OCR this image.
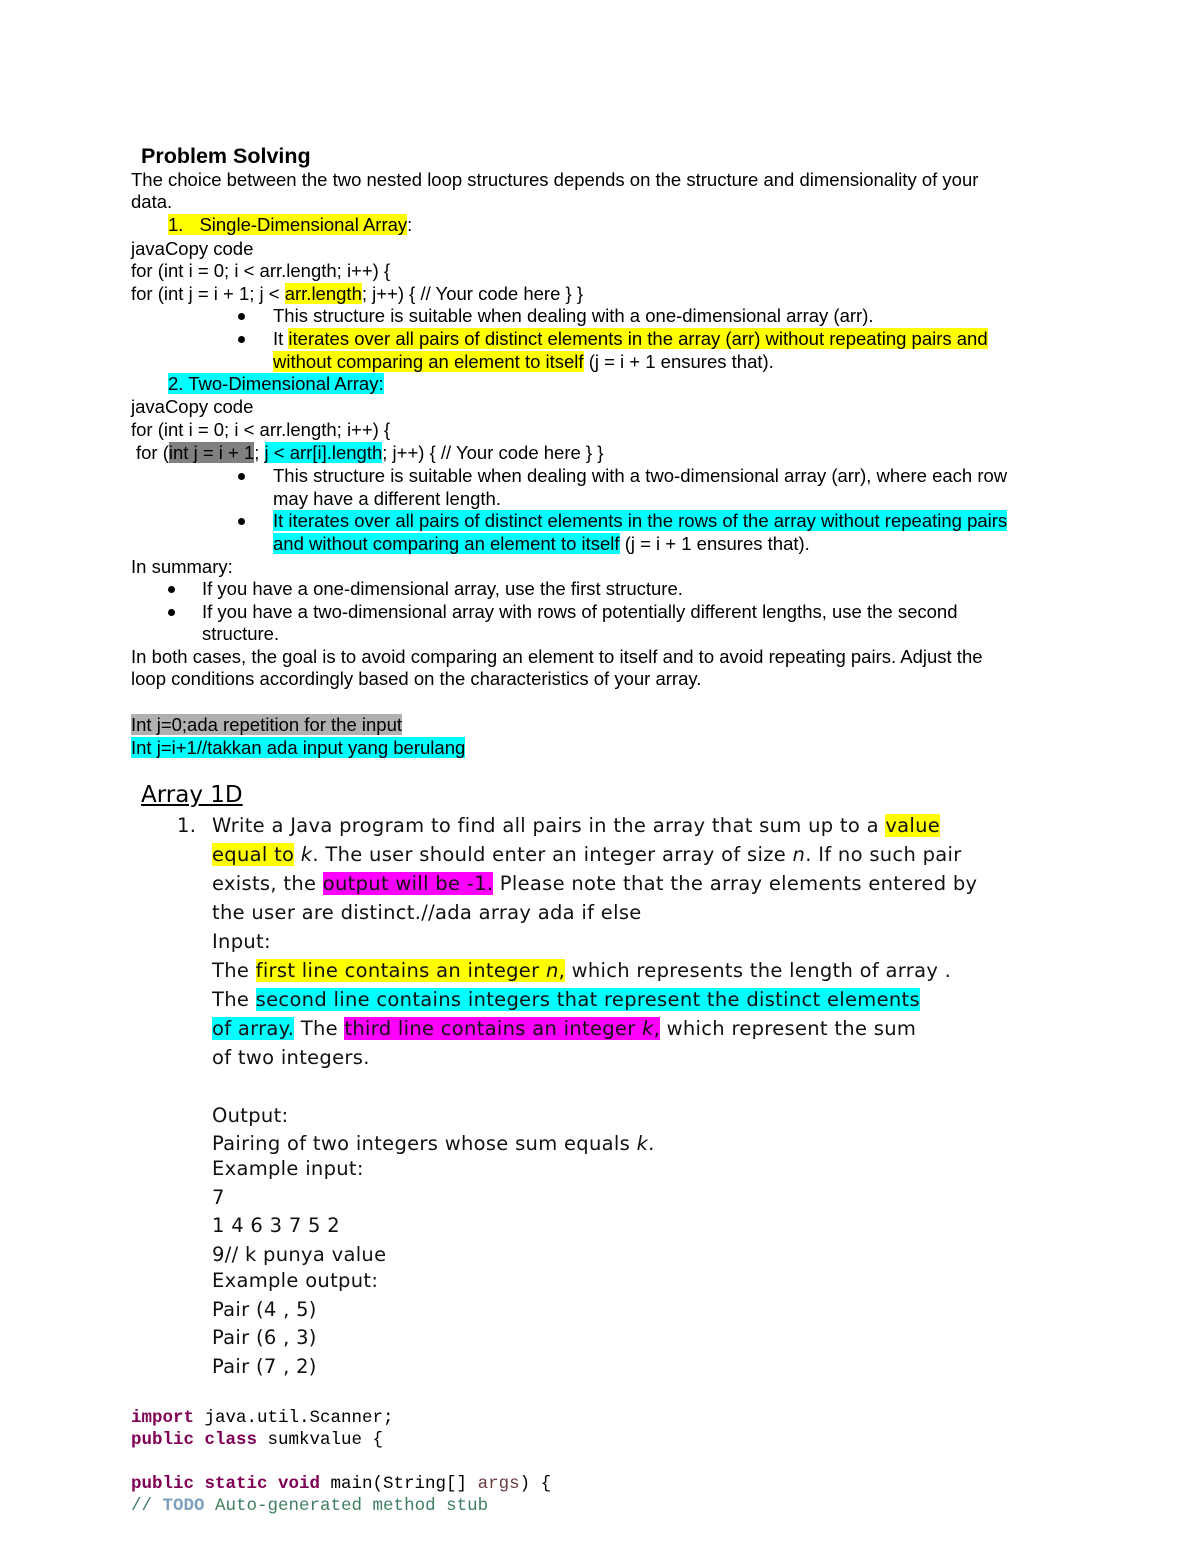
Problem Solving
The choice between the two nested loop structures depends on the structure and dimensionality of your
data.
1. Single-Dimensional Array:
javaCopy code
for (int i = 0; i < arr.length; i++) {
for (int j = i + 1; j < arr.length; j++) { // Your code here } }
This structure is suitable when dealing with a one-dimensional array (arr).
It iterates over all pairs of distinct elements in the array (arr) without repeating pairs and
without comparing an element to itself (j = i + 1 ensures that).
2. Two-Dimensional Array:
javaCopy code
for (int i = 0; i < arr.length; i++) {
for (int j = i + 1; j < arr[i].length; j++) { // Your code here } }
This structure is suitable when dealing with a two-dimensional array (arr), where each row
may have a different length.
It iterates over all pairs of distinct elements in the rows of the array without repeating pairs
and without comparing an element to itself (j = i + 1 ensures that).
In summary:
If you have a one-dimensional array, use the first structure.
If you have a two-dimensional array with rows of potentially different lengths, use the second
structure.
In both cases, the goal is to avoid comparing an element to itself and to avoid repeating pairs. Adjust the
loop conditions accordingly based on the characteristics of your array.
Int j=0;ada repetition for the input
Int j=i+1//takkan ada input yang berulang
Array 1D
1. Write a Java program to find all pairs in the array that sum up to a value
equal to k. The user should enter an integer array of size n. If no such pair
exists, the output will be -1. Please note that the array elements entered by
the user are distinct.//ada array ada if else
Input:
The first line contains an integer n, which represents the length of array .
The second line contains integers that represent the distinct elements
of array. The third line contains an integer k, which represent the sum
of two integers.
Output:
Pairing of two integers whose sum equals k.
Example input:
7
1 4 6 3 7 5 2
9// k punya value
Example output:
Pair (4 , 5)
Pair (6 , 3)
Pair (7 , 2)
import java.util.Scanner;
public class sumkvalue {
public static void main(String[] args) {
// TODO Auto-generated method stub
